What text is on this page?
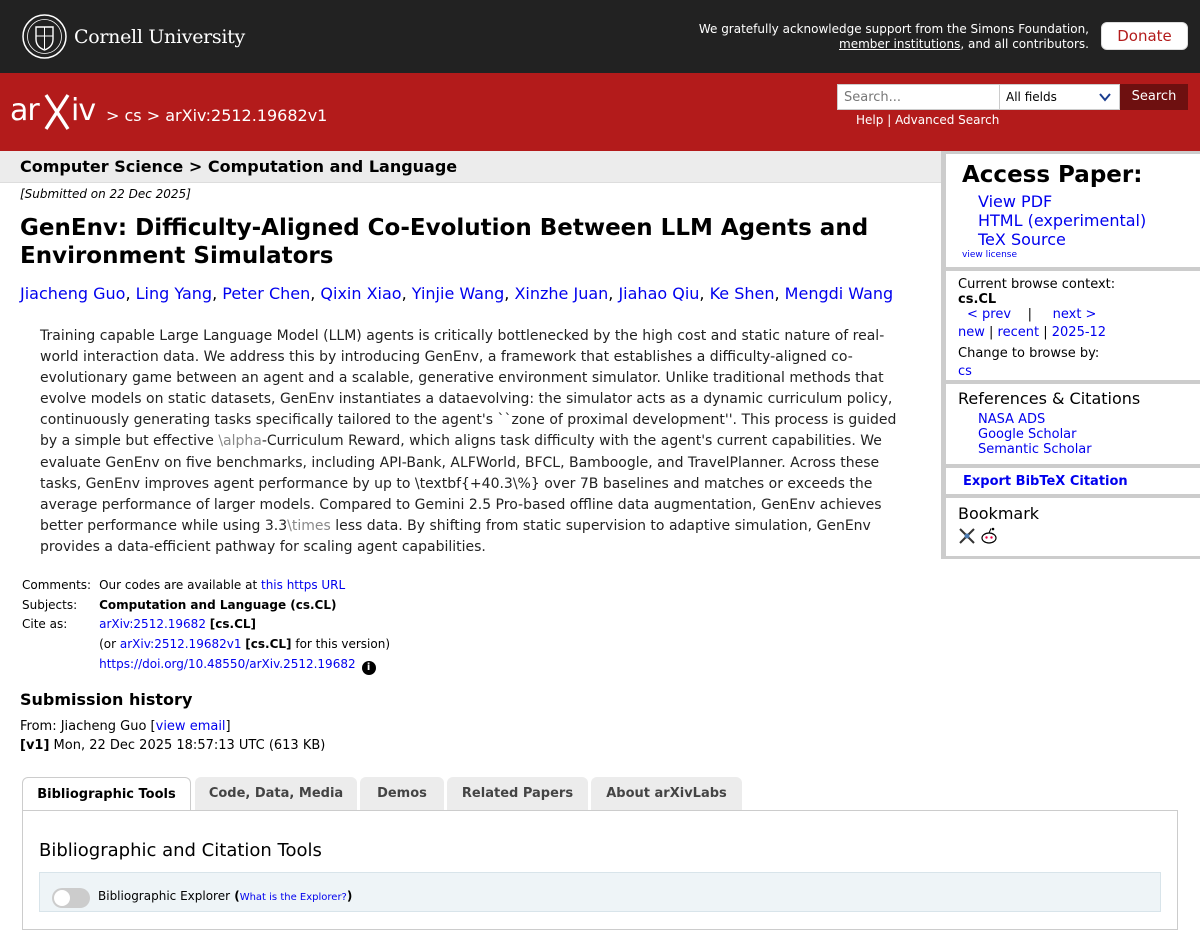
Cornell University	We gratefully acknowledge support from the Simons Foundation,
member institutions, and all contributors.	Donate
ar iv > cs > arXiv:2512.19682v1
Search...	All fields	Search
Help | Advanced Search
Computer Science > Computation and Language
[Submitted on 22 Dec 2025]
GenEnv: Difficulty-Aligned Co-Evolution Between LLM Agents and Environment Simulators
Jiacheng Guo, Ling Yang, Peter Chen, Qixin Xiao, Yinjie Wang, Xinzhe Juan, Jiahao Qiu, Ke Shen, Mengdi Wang
Training capable Large Language Model (LLM) agents is critically bottlenecked by the high cost and static nature of real-world interaction data. We address this by introducing GenEnv, a framework that establishes a difficulty-aligned co-evolutionary game between an agent and a scalable, generative environment simulator. Unlike traditional methods that evolve models on static datasets, GenEnv instantiates a dataevolving: the simulator acts as a dynamic curriculum policy, continuously generating tasks specifically tailored to the agent's ``zone of proximal development''. This process is guided by a simple but effective \alpha-Curriculum Reward, which aligns task difficulty with the agent's current capabilities. We evaluate GenEnv on five benchmarks, including API-Bank, ALFWorld, BFCL, Bamboogle, and TravelPlanner. Across these tasks, GenEnv improves agent performance by up to \textbf{+40.3\%} over 7B baselines and matches or exceeds the average performance of larger models. Compared to Gemini 2.5 Pro-based offline data augmentation, GenEnv achieves better performance while using 3.3\times less data. By shifting from static supervision to adaptive simulation, GenEnv provides a data-efficient pathway for scaling agent capabilities.
Comments:	Our codes are available at this https URL
Subjects:	Computation and Language (cs.CL)
Cite as:	arXiv:2512.19682 [cs.CL]
	(or arXiv:2512.19682v1 [cs.CL] for this version)
	https://doi.org/10.48550/arXiv.2512.19682 i
Submission history
From: Jiacheng Guo [view email]
[v1] Mon, 22 Dec 2025 18:57:13 UTC (613 KB)
Bibliographic Tools	Code, Data, Media	Demos	Related Papers	About arXivLabs
Bibliographic and Citation Tools
Bibliographic Explorer (What is the Explorer?)
Access Paper:
View PDF
HTML (experimental)
TeX Source
view license
Current browse context:
cs.CL
< prev | next >
new | recent | 2025-12
Change to browse by:
cs
References & Citations
NASA ADS
Google Scholar
Semantic Scholar
Export BibTeX Citation
Bookmark
